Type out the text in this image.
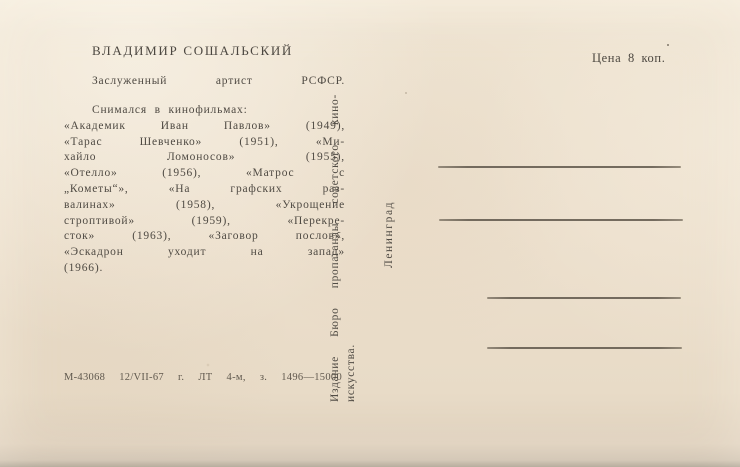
ВЛАДИМИР СОШАЛЬСКИЙ
Заслуженный артист РСФСР.
Снимался в кинофильмах:
«Академик Иван Павлов» (1949),
«Тарас Шевченко» (1951), «Ми-
хайло Ломоносов» (1955),
«Отелло» (1956), «Матрос с
„Кометы“», «На графских раз-
валинах» (1958), «Укрощение
строптивой» (1959), «Перекре-
сток» (1963), «Заговор послов»,
«Эскадрон уходит на запад»
(1966).
М-43068 12/VII-67 г. ЛТ 4-м, з. 1496—15000
Цена 8 коп.
Издание Бюро пропаганды советского кино- искусства.
Ленинград
